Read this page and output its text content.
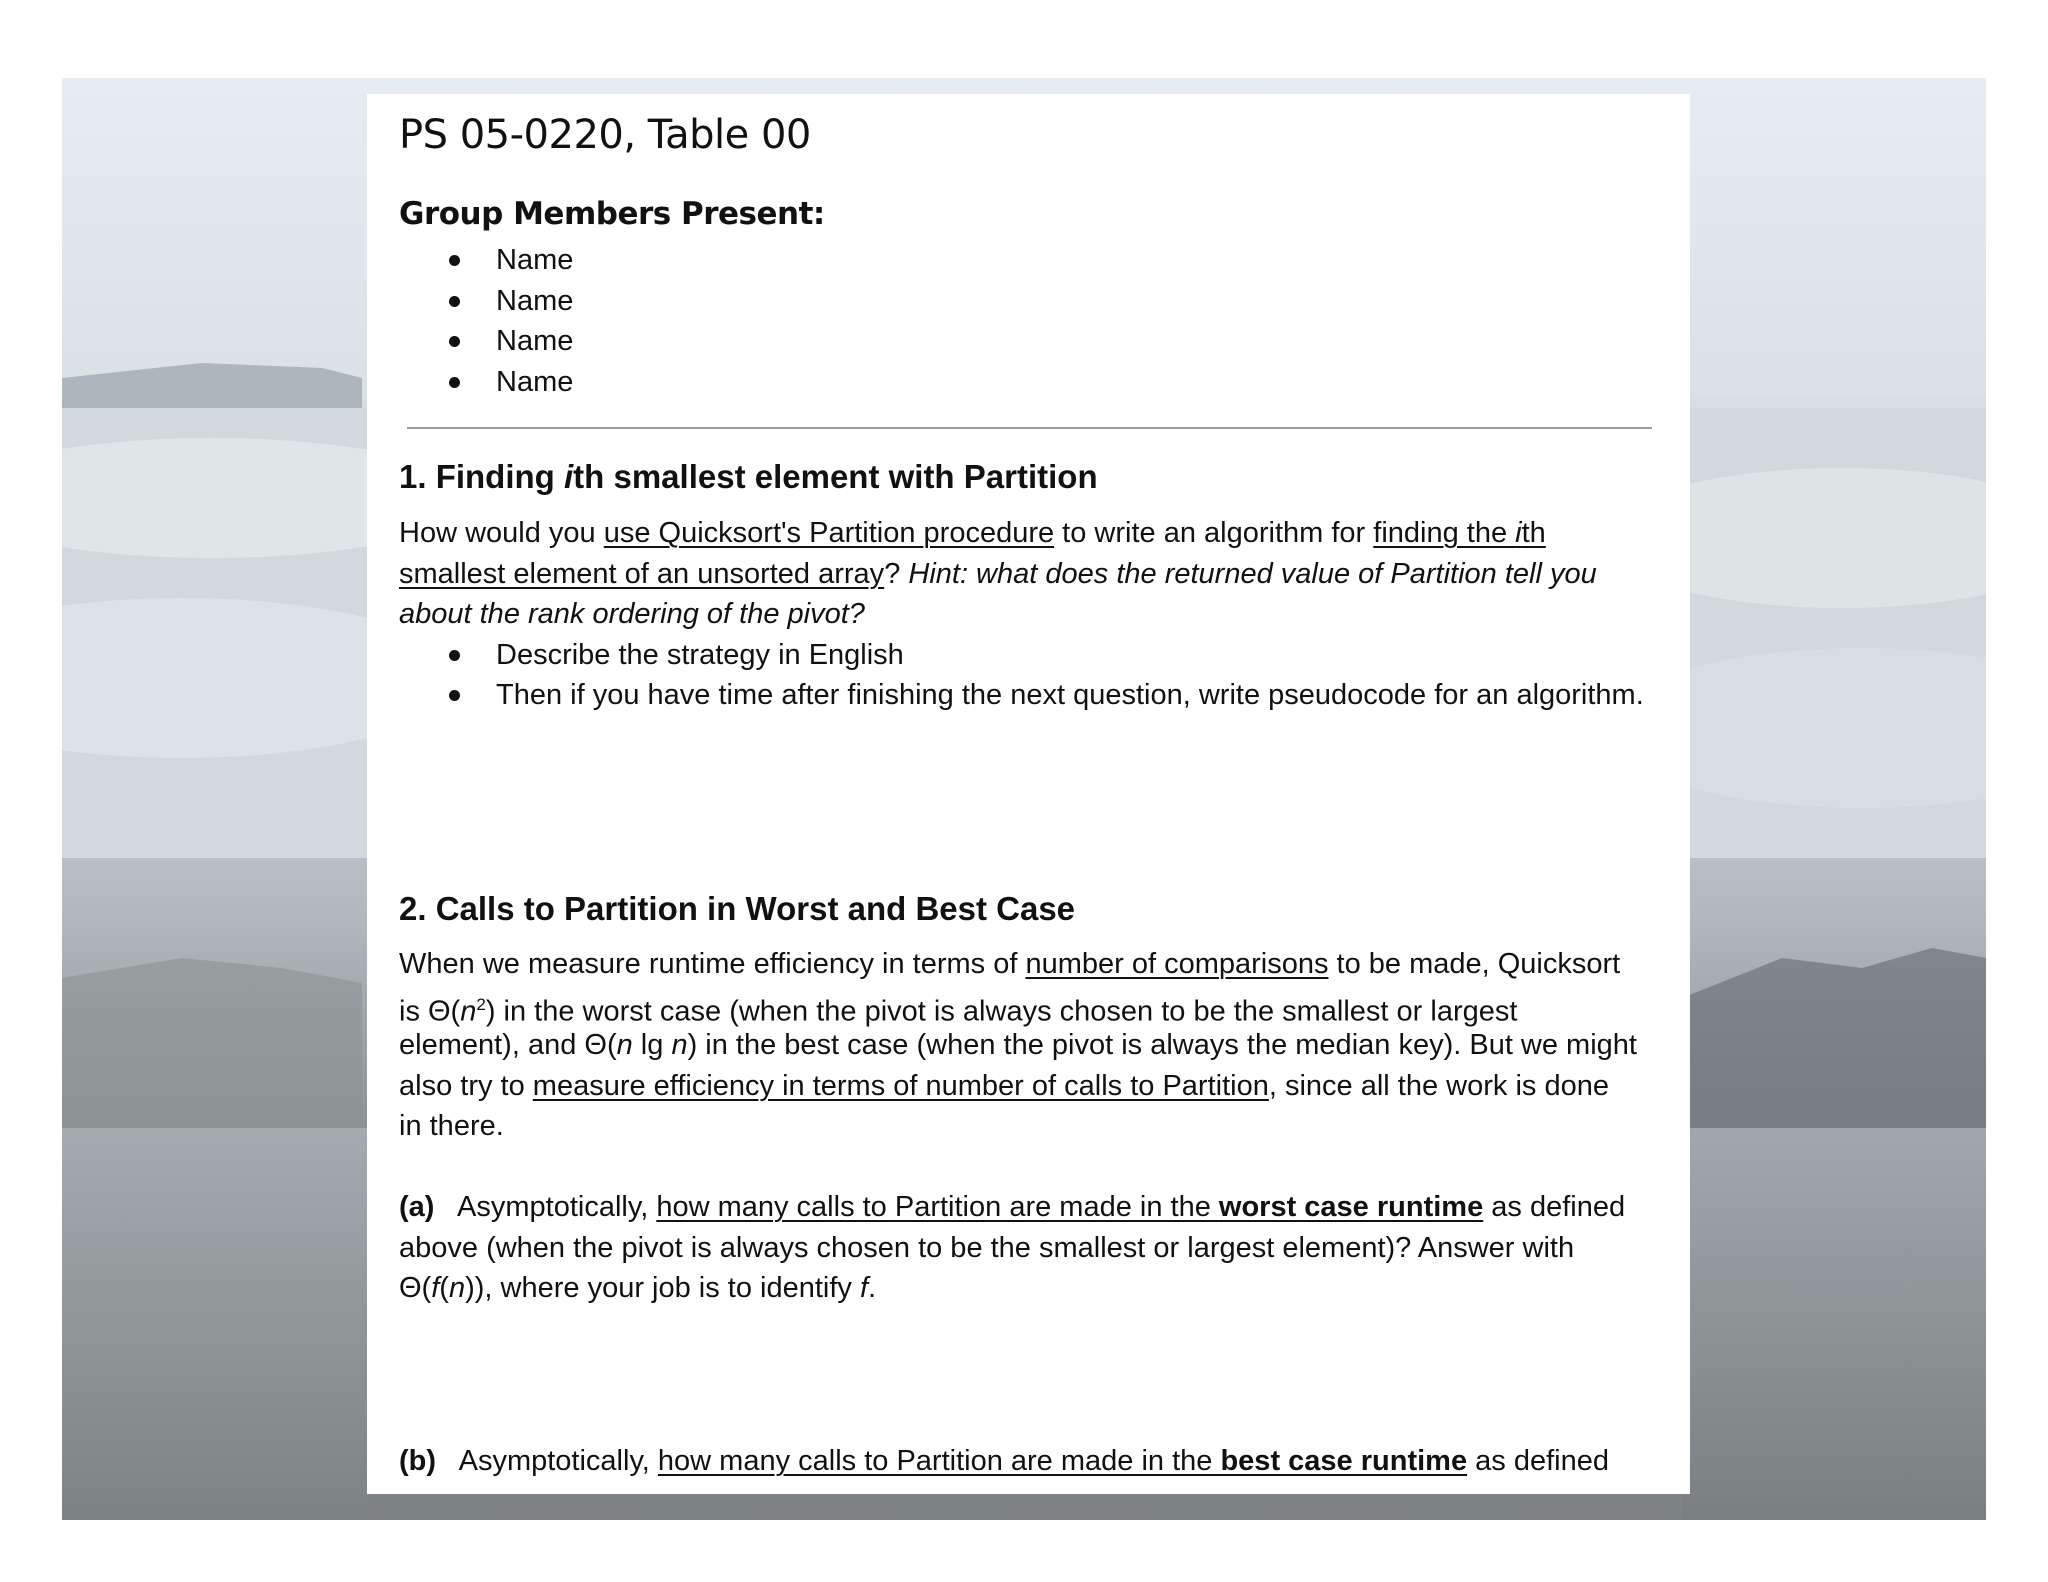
PS 05-0220, Table 00
Group Members Present:
Name
Name
Name
Name
1. Finding ith smallest element with Partition

How would you use Quicksort's Partition procedure to write an algorithm for finding the ith

smallest element of an unsorted array? Hint: what does the returned value of Partition tell you

about the rank ordering of the pivot?

Describe the strategy in English
Then if you have time after finishing the next question, write pseudocode for an algorithm.
2. Calls to Partition in Worst and Best Case

When we measure runtime efficiency in terms of number of comparisons to be made, Quicksort

is $\Theta(n^2)$ in the worst case (when the pivot is always chosen to be the smallest or largest

element), and Θ(n lg n) in the best case (when the pivot is always the median key). But we might

also try to measure efficiency in terms of number of calls to Partition, since all the work is done

in there.

(a) Asymptotically, how many calls to Partition are made in the worst case runtime as defined

above (when the pivot is always chosen to be the smallest or largest element)? Answer with

Θ(f(n)), where your job is to identify f.

(b) Asymptotically, how many calls to Partition are made in the best case runtime as defined
